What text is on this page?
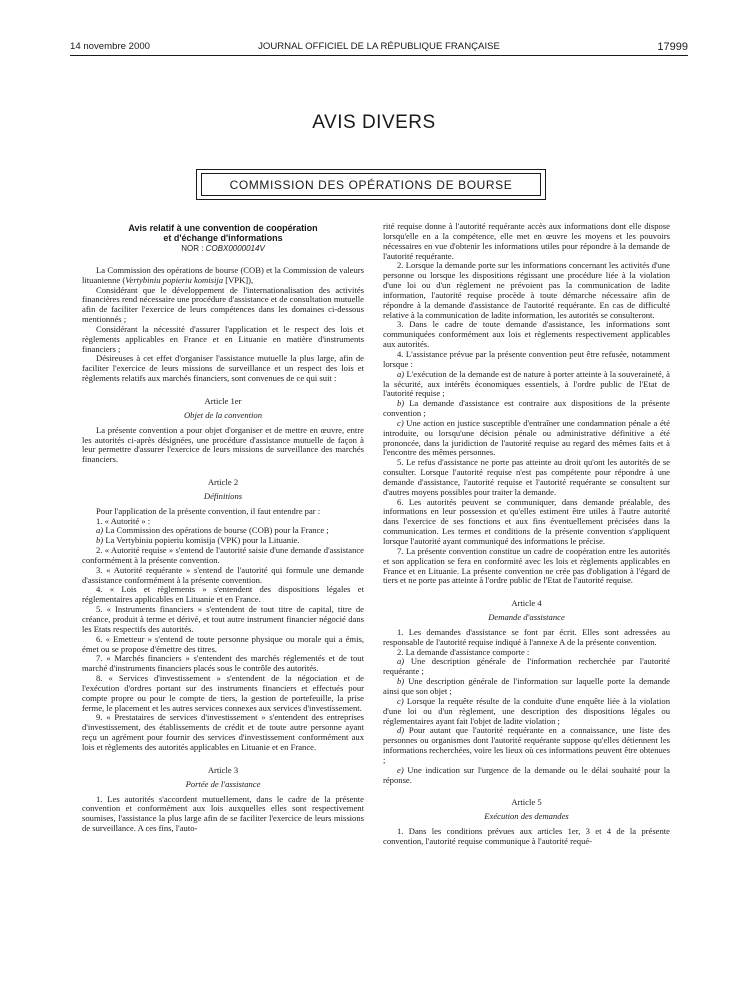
14 novembre 2000	JOURNAL OFFICIEL DE LA RÉPUBLIQUE FRANÇAISE	17999
AVIS DIVERS
COMMISSION DES OPÉRATIONS DE BOURSE

Avis relatif à une convention de coopération

et d'échange d'informations

NOR : COBX0000014V

La Commission des opérations de bourse (COB) et la Commission de valeurs lituanienne (Vertybiniu popieriu komisija [VPK]),

Considérant que le développement de l'internationalisation des activités financières rend nécessaire une procédure d'assistance et de consultation mutuelle afin de faciliter l'exercice de leurs compétences dans les domaines ci-dessous mentionnés ;

Considérant la nécessité d'assurer l'application et le respect des lois et règlements applicables en France et en Lituanie en matière d'instruments financiers ;

Désireuses à cet effet d'organiser l'assistance mutuelle la plus large, afin de faciliter l'exercice de leurs missions de surveillance et un respect des lois et règlements relatifs aux marchés financiers, sont convenues de ce qui suit :

Article 1er

Objet de la convention

La présente convention a pour objet d'organiser et de mettre en œuvre, entre les autorités ci-après désignées, une procédure d'assistance mutuelle de façon à leur permettre d'assurer l'exercice de leurs missions de surveillance des marchés financiers.

Article 2

Définitions

Pour l'application de la présente convention, il faut entendre par :

1. « Autorité » :

a) La Commission des opérations de bourse (COB) pour la France ;

b) La Vertybiniu popieriu komisija (VPK) pour la Lituanie.

2. « Autorité requise » s'entend de l'autorité saisie d'une demande d'assistance conformément à la présente convention.

3. « Autorité requérante » s'entend de l'autorité qui formule une demande d'assistance conformément à la présente convention.

4. « Lois et règlements » s'entendent des dispositions légales et réglementaires applicables en Lituanie et en France.

5. « Instruments financiers » s'entendent de tout titre de capital, titre de créance, produit à terme et dérivé, et tout autre instrument financier négocié dans les Etats respectifs des autorités.

6. « Emetteur » s'entend de toute personne physique ou morale qui a émis, émet ou se propose d'émettre des titres.

7. « Marchés financiers » s'entendent des marchés réglementés et de tout marché d'instruments financiers placés sous le contrôle des autorités.

8. « Services d'investissement » s'entendent de la négociation et de l'exécution d'ordres portant sur des instruments financiers et effectués pour compte propre ou pour le compte de tiers, la gestion de portefeuille, la prise ferme, le placement et les autres services connexes aux services d'investissement.

9. « Prestataires de services d'investissement » s'entendent des entreprises d'investissement, des établissements de crédit et de toute autre personne ayant reçu un agrément pour fournir des services d'investissement conformément aux lois et règlements des autorités applicables en Lituanie et en France.

Article 3

Portée de l'assistance

1. Les autorités s'accordent mutuellement, dans le cadre de la présente convention et conformément aux lois auxquelles elles sont respectivement soumises, l'assistance la plus large afin de se faciliter l'exercice de leurs missions de surveillance. A ces fins, l'auto-

rité requise donne à l'autorité requérante accès aux informations dont elle dispose lorsqu'elle en a la compétence, elle met en œuvre les moyens et les pouvoirs nécessaires en vue d'obtenir les informations utiles pour répondre à la demande de l'autorité requérante.

2. Lorsque la demande porte sur les informations concernant les activités d'une personne ou lorsque les dispositions régissant une procédure liée à la violation d'une loi ou d'un règlement ne prévoient pas la communication de ladite information, l'autorité requise procède à toute démarche nécessaire afin de répondre à la demande d'assistance de l'autorité requérante. En cas de difficulté relative à la communication de ladite information, les autorités se consulteront.

3. Dans le cadre de toute demande d'assistance, les informations sont communiquées conformément aux lois et règlements respectivement applicables aux autorités.

4. L'assistance prévue par la présente convention peut être refusée, notamment lorsque :

a) L'exécution de la demande est de nature à porter atteinte à la souveraineté, à la sécurité, aux intérêts économiques essentiels, à l'ordre public de l'Etat de l'autorité requise ;

b) La demande d'assistance est contraire aux dispositions de la présente convention ;

c) Une action en justice susceptible d'entraîner une condamnation pénale a été introduite, ou lorsqu'une décision pénale ou administrative définitive a été prononcée, dans la juridiction de l'autorité requise au regard des mêmes faits et à l'encontre des mêmes personnes.

5. Le refus d'assistance ne porte pas atteinte au droit qu'ont les autorités de se consulter. Lorsque l'autorité requise n'est pas compétente pour répondre à une demande d'assistance, l'autorité requise et l'autorité requérante se consultent sur d'autres moyens possibles pour traiter la demande.

6. Les autorités peuvent se communiquer, dans demande préalable, des informations en leur possession et qu'elles estiment être utiles à l'autre autorité dans l'exercice de ses fonctions et aux fins éventuellement précisées dans la communication. Les termes et conditions de la présente convention s'appliquent lorsque l'autorité ayant communiqué des informations le précise.

7. La présente convention constitue un cadre de coopération entre les autorités et son application se fera en conformité avec les lois et règlements applicables en France et en Lituanie. La présente convention ne crée pas d'obligation à l'égard de tiers et ne porte pas atteinte à l'ordre public de l'Etat de l'autorité requise.

Article 4

Demande d'assistance

1. Les demandes d'assistance se font par écrit. Elles sont adressées au responsable de l'autorité requise indiqué à l'annexe A de la présente convention.

2. La demande d'assistance comporte :

a) Une description générale de l'information recherchée par l'autorité requérante ;

b) Une description générale de l'information sur laquelle porte la demande ainsi que son objet ;

c) Lorsque la requête résulte de la conduite d'une enquête liée à la violation d'une loi ou d'un règlement, une description des dispositions légales ou réglementaires ayant fait l'objet de ladite violation ;

d) Pour autant que l'autorité requérante en a connaissance, une liste des personnes ou organismes dont l'autorité requérante suppose qu'elles détiennent les informations recherchées, voire les lieux où ces informations peuvent être obtenues ;

e) Une indication sur l'urgence de la demande ou le délai souhaité pour la réponse.

Article 5

Exécution des demandes

1. Dans les conditions prévues aux articles 1er, 3 et 4 de la présente convention, l'autorité requise communique à l'autorité requé-
